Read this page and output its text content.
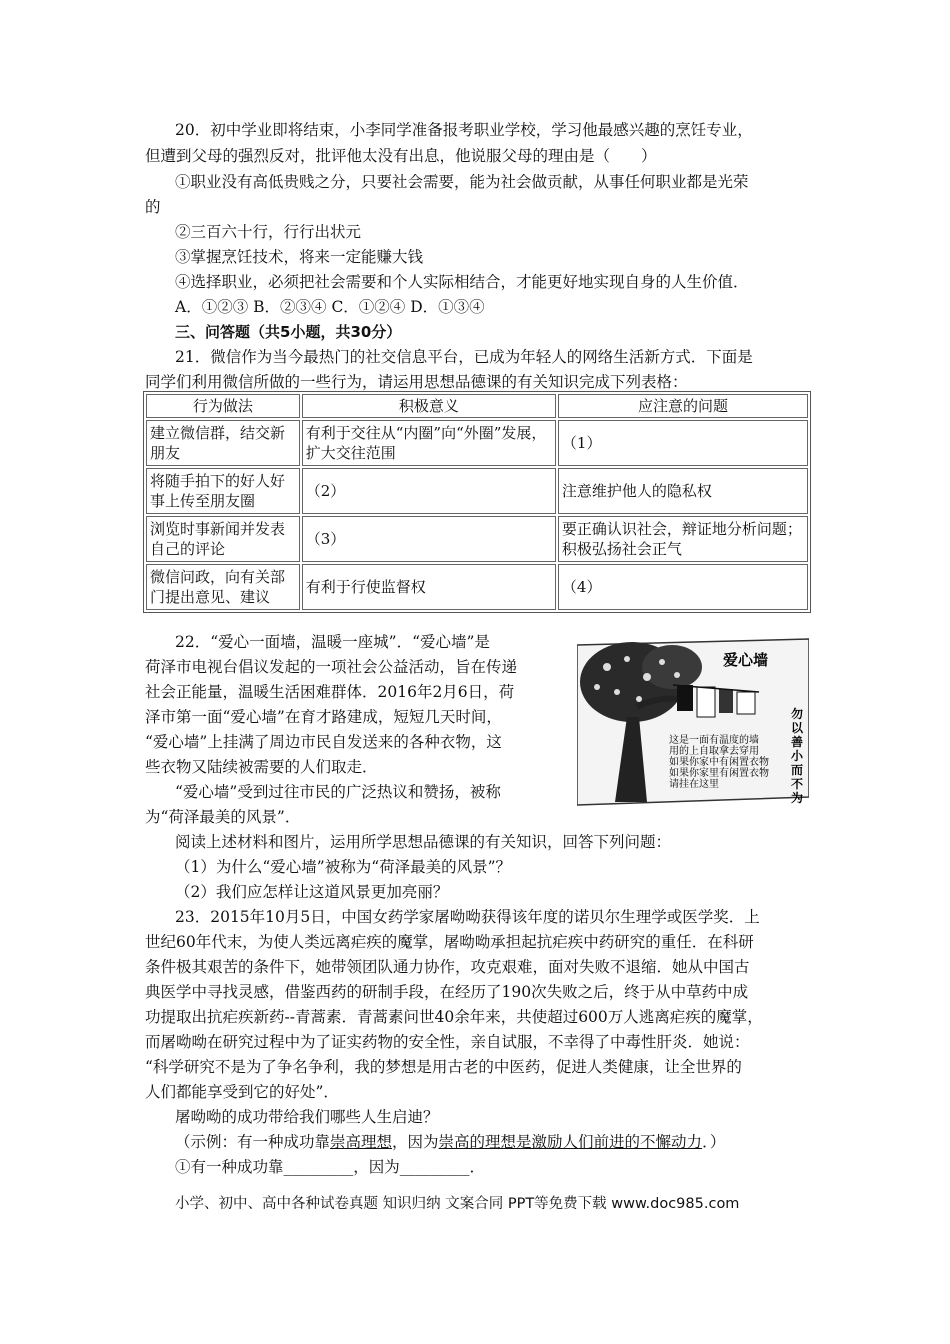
20．初中学业即将结束，小李同学准备报考职业学校，学习他最感兴趣的烹饪专业，
但遭到父母的强烈反对，批评他太没有出息，他说服父母的理由是（　　）
①职业没有高低贵贱之分，只要社会需要，能为社会做贡献，从事任何职业都是光荣
的
②三百六十行，行行出状元
③掌握烹饪技术，将来一定能赚大钱
④选择职业，必须把社会需要和个人实际相结合，才能更好地实现自身的人生价值．
A．①②③ B．②③④ C．①②④ D．①③④
三、问答题（共5小题，共30分）
21．微信作为当今最热门的社交信息平台，已成为年轻人的网络生活新方式．下面是
同学们利用微信所做的一些行为，请运用思想品德课的有关知识完成下列表格：
行为做法	积极意义	应注意的问题
建立微信群，结交新朋友	有利于交往从“内圈”向“外圈”发展，扩大交往范围	（1）
将随手拍下的好人好事上传至朋友圈	（2）	注意维护他人的隐私权
浏览时事新闻并发表自己的评论	（3）	要正确认识社会，辩证地分析问题；积极弘扬社会正气
微信问政，向有关部门提出意见、建议	有利于行使监督权	（4）
22．“爱心一面墙，温暖一座城”．“爱心墙”是
荷泽市电视台倡议发起的一项社会公益活动，旨在传递
社会正能量，温暖生活困难群体．2016年2月6日，荷
泽市第一面“爱心墙”在育才路建成，短短几天时间，
“爱心墙”上挂满了周边市民自发送来的各种衣物，这
些衣物又陆续被需要的人们取走．
“爱心墙”受到过往市民的广泛热议和赞扬，被称
为“荷泽最美的风景”．
阅读上述材料和图片，运用所学思想品德课的有关知识，回答下列问题：
（1）为什么“爱心墙”被称为“荷泽最美的风景”？
（2）我们应怎样让这道风景更加亮丽？
爱心墙
勿以善小而不为
这是一面有温度的墙
用的上自取拿去穿用
如果你家中有闲置衣物
如果你家里有闲置衣物
请挂在这里
23．2015年10月5日，中国女药学家屠呦呦获得该年度的诺贝尔生理学或医学奖．上
世纪60年代末，为使人类远离疟疾的魔掌，屠呦呦承担起抗疟疾中药研究的重任．在科研
条件极其艰苦的条件下，她带领团队通力协作，攻克艰难，面对失败不退缩．她从中国古
典医学中寻找灵感，借鉴西药的研制手段，在经历了190次失败之后，终于从中草药中成
功提取出抗疟疾新药--青蒿素．青蒿素问世40余年来，共使超过600万人逃离疟疾的魔掌，
而屠呦呦在研究过程中为了证实药物的安全性，亲自试服，不幸得了中毒性肝炎．她说：
“科学研究不是为了争名争利，我的梦想是用古老的中医药，促进人类健康，让全世界的
人们都能享受到它的好处”．
屠呦呦的成功带给我们哪些人生启迪？
（示例：有一种成功靠崇高理想，因为崇高的理想是激励人们前进的不懈动力．）
①有一种成功靠_________，因为_________．
小学、初中、高中各种试卷真题 知识归纳 文案合同 PPT等免费下载 www.doc985.com
